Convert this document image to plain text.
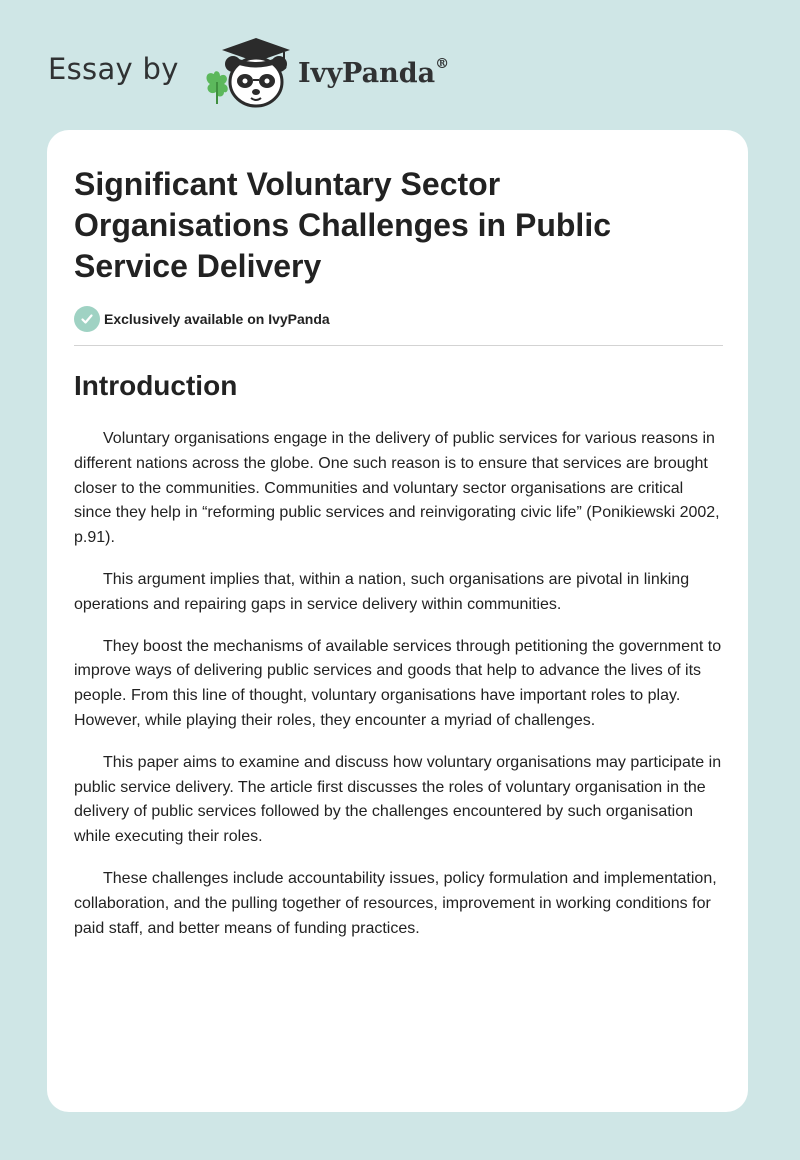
Essay by	IvyPanda®
Significant Voluntary Sector Organisations Challenges in Public Service Delivery
Exclusively available on IvyPanda
Introduction

Voluntary organisations engage in the delivery of public services for various reasons in different nations across the globe. One such reason is to ensure that services are brought closer to the communities. Communities and voluntary sector organisations are critical since they help in “reforming public services and reinvigorating civic life” (Ponikiewski 2002, p.91).

This argument implies that, within a nation, such organisations are pivotal in linking operations and repairing gaps in service delivery within communities.

They boost the mechanisms of available services through petitioning the government to improve ways of delivering public services and goods that help to advance the lives of its people. From this line of thought, voluntary organisations have important roles to play. However, while playing their roles, they encounter a myriad of challenges.

This paper aims to examine and discuss how voluntary organisations may participate in public service delivery. The article first discusses the roles of voluntary organisation in the delivery of public services followed by the challenges encountered by such organisation while executing their roles.

These challenges include accountability issues, policy formulation and implementation, collaboration, and the pulling together of resources, improvement in working conditions for paid staff, and better means of funding practices.
